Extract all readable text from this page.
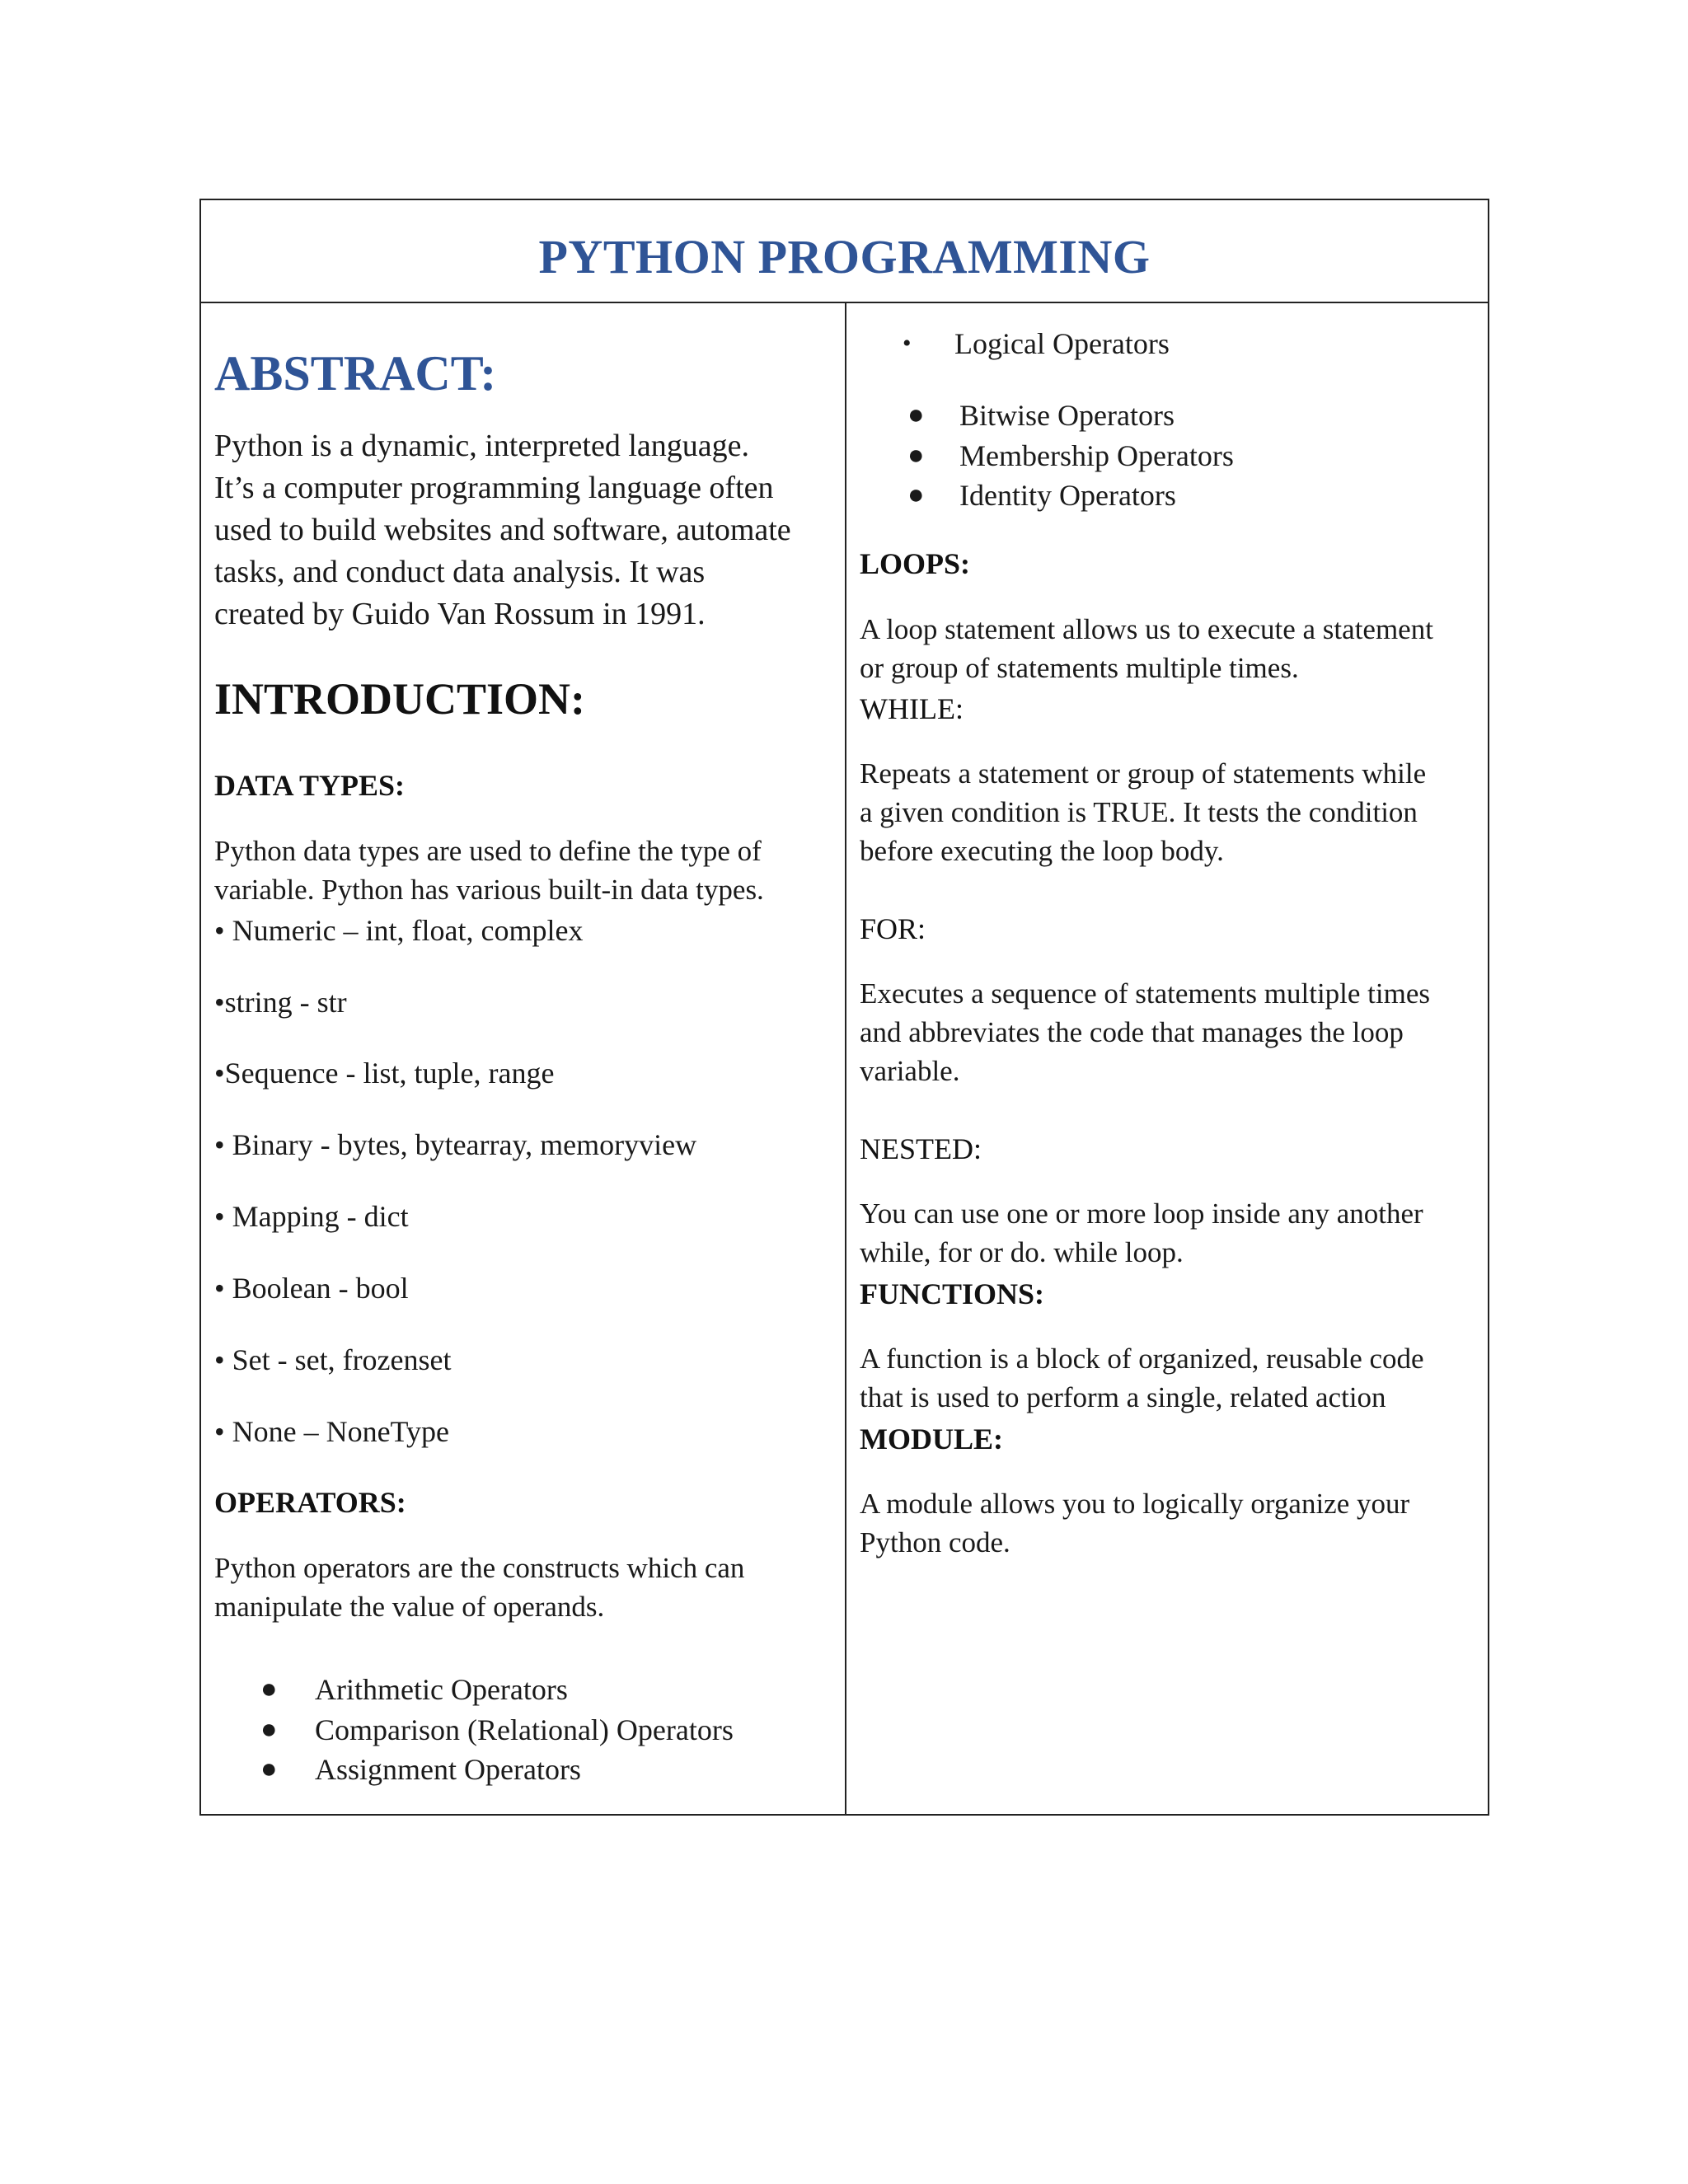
PYTHON PROGRAMMING
ABSTRACT:
Python is a dynamic, interpreted language.
It’s a computer programming language often
used to build websites and software, automate
tasks, and conduct data analysis. It was
created by Guido Van Rossum in 1991.
INTRODUCTION:
DATA TYPES:
Python data types are used to define the type of
variable. Python has various built-in data types.
• Numeric – int, float, complex
•string - str
•Sequence - list, tuple, range
• Binary - bytes, bytearray, memoryview
• Mapping - dict
• Boolean - bool
• Set - set, frozenset
• None – NoneType
OPERATORS:
Python operators are the constructs which can
manipulate the value of operands.
● Arithmetic Operators
● Comparison (Relational) Operators
● Assignment Operators
• Logical Operators
● Bitwise Operators
● Membership Operators
● Identity Operators
LOOPS:
A loop statement allows us to execute a statement
or group of statements multiple times.
WHILE:
Repeats a statement or group of statements while
a given condition is TRUE. It tests the condition
before executing the loop body.
FOR:
Executes a sequence of statements multiple times
and abbreviates the code that manages the loop
variable.
NESTED:
You can use one or more loop inside any another
while, for or do. while loop.
FUNCTIONS:
A function is a block of organized, reusable code
that is used to perform a single, related action
MODULE:
A module allows you to logically organize your
Python code.
